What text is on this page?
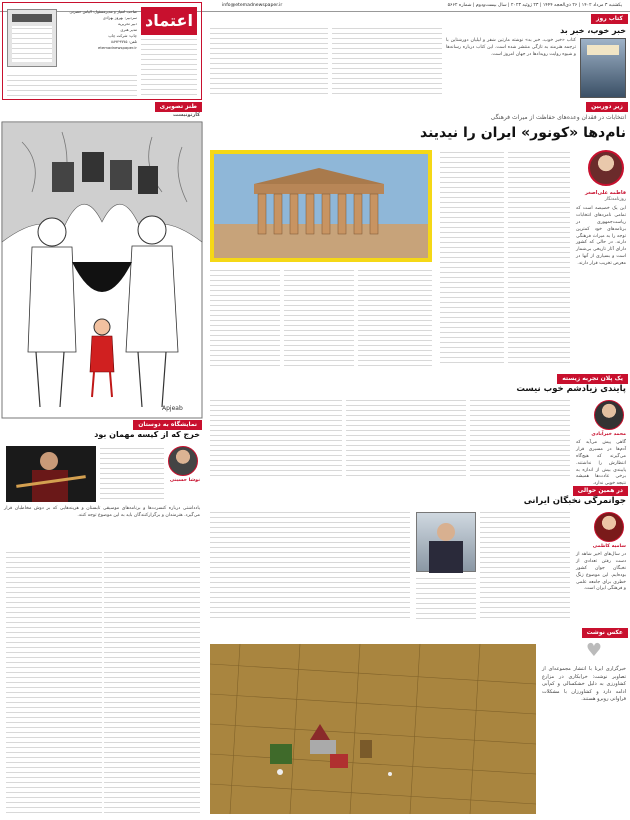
یکشنبه ۳ مرداد ۱۴۰۲ | ۲۶ ذی‌الحجه ۱۴۴۴ | ۲۳ ژوئیه ۲۰۲۳ | سال بیست‌ودوم | شماره ۵۶۶۲
info@etemadnewspaper.ir
اعتماد
صاحب امتیاز و مدیرمسئول: الیاس حضرتی
سردبیر: بهروز بهزادی
دبیر تحریریه
مدیر هنری
چاپ: شرکت چاپ
تلفن: ۸۸۹۴۹۷۷۵
etemadnewspaper.ir
کتاب روز
خبر خوب، خبر بد
کتاب «خبر خوب، خبر بد» نوشته مارتین شفر و لیلیان دورشتاین با ترجمه هنرمند به تازگی منتشر شده است. این کتاب درباره رسانه‌ها و شیوه روایت رویدادها در جهان امروز است.
طنز تصویری
کارتونیست
Apjeab
زیر دوربین
انتخابات در فقدان وعده‌های حفاظت از میراث فرهنگی
نام‌دها «کونور» ایران را نیدیند
فاطمه علی‌اصغر
روزنامه‌نگار
این یک خصیصه است که تمامی نامزدهای انتخابات ریاست‌جمهوری در برنامه‌های خود کمترین توجه را به میراث فرهنگی دارند. در حالی که کشور دارای آثار تاریخی بی‌شمار است و بسیاری از آنها در معرض تخریب قرار دارند.
یک پلان تجربه زیسته
پایندی زیادشم خوب نیست
محمد خبرآبادی
گاهی پیش می‌آید که آدم‌ها در مسیری قرار می‌گیرند که هیچ‌گاه انتظارش را نداشتند. پایبندی بیش از اندازه به برخی عادت‌ها همیشه نتیجه خوبی ندارد.
در همین حوالی
جوانمرگی نخبگان ایرانی
سامیه کاظمی
در سال‌های اخیر شاهد از دست رفتن تعدادی از نخبگان جوان کشور بوده‌ایم. این موضوع زنگ خطری برای جامعه علمی و فرهنگی ایران است.
نمایشگاه به دوستان
خرج که از کیسه مهمان بود
نوشا حسینی
یادداشتی درباره کنسرت‌ها و برنامه‌های موسیقی تابستان و هزینه‌هایی که بر دوش مخاطبان قرار می‌گیرد. هنرمندان و برگزارکنندگان باید به این موضوع توجه کنند.
عکس نوشت
♥
خبرگزاری ایرنا با انتشار مجموعه‌ای از تصاویر نوشت: خرابکاری در مزارع کشاورزی به دلیل خشکسالی و کم‌آبی ادامه دارد و کشاورزان با مشکلات فراوانی روبرو هستند.
